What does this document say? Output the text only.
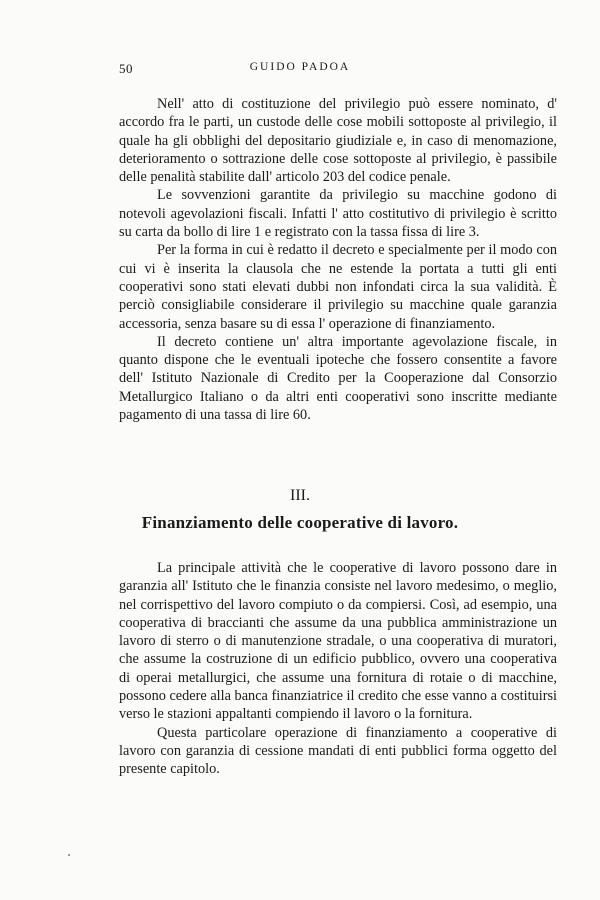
50	GUIDO PADOA

Nell' atto di costituzione del privilegio può essere nominato, d' accordo fra le parti, un custode delle cose mobili sottoposte al privilegio, il quale ha gli obblighi del depositario giudiziale e, in caso di menomazione, deterioramento o sottrazione delle cose sottoposte al privilegio, è passibile delle penalità stabilite dall' articolo 203 del codice penale.

Le sovvenzioni garantite da privilegio su macchine godono di notevoli agevolazioni fiscali. Infatti l' atto costitutivo di privilegio è scritto su carta da bollo di lire 1 e registrato con la tassa fissa di lire 3.

Per la forma in cui è redatto il decreto e specialmente per il modo con cui vi è inserita la clausola che ne estende la portata a tutti gli enti cooperativi sono stati elevati dubbi non infondati circa la sua validità. È perciò consigliabile considerare il privilegio su macchine quale garanzia accessoria, senza basare su di essa l' operazione di finanziamento.

Il decreto contiene un' altra importante agevolazione fiscale, in quanto dispone che le eventuali ipoteche che fossero consentite a favore dell' Istituto Nazionale di Credito per la Cooperazione dal Consorzio Metallurgico Italiano o da altri enti cooperativi sono inscritte mediante pagamento di una tassa di lire 60.

III.
Finanziamento delle cooperative di lavoro.

La principale attività che le cooperative di lavoro possono dare in garanzia all' Istituto che le finanzia consiste nel lavoro medesimo, o meglio, nel corrispettivo del lavoro compiuto o da compiersi. Così, ad esempio, una cooperativa di braccianti che assume da una pubblica amministrazione un lavoro di sterro o di manutenzione stradale, o una cooperativa di muratori, che assume la costruzione di un edificio pubblico, ovvero una cooperativa di operai metallurgici, che assume una fornitura di rotaie o di macchine, possono cedere alla banca finanziatrice il credito che esse vanno a costituirsi verso le stazioni appaltanti compiendo il lavoro o la fornitura.

Questa particolare operazione di finanziamento a cooperative di lavoro con garanzia di cessione mandati di enti pubblici forma oggetto del presente capitolo.
